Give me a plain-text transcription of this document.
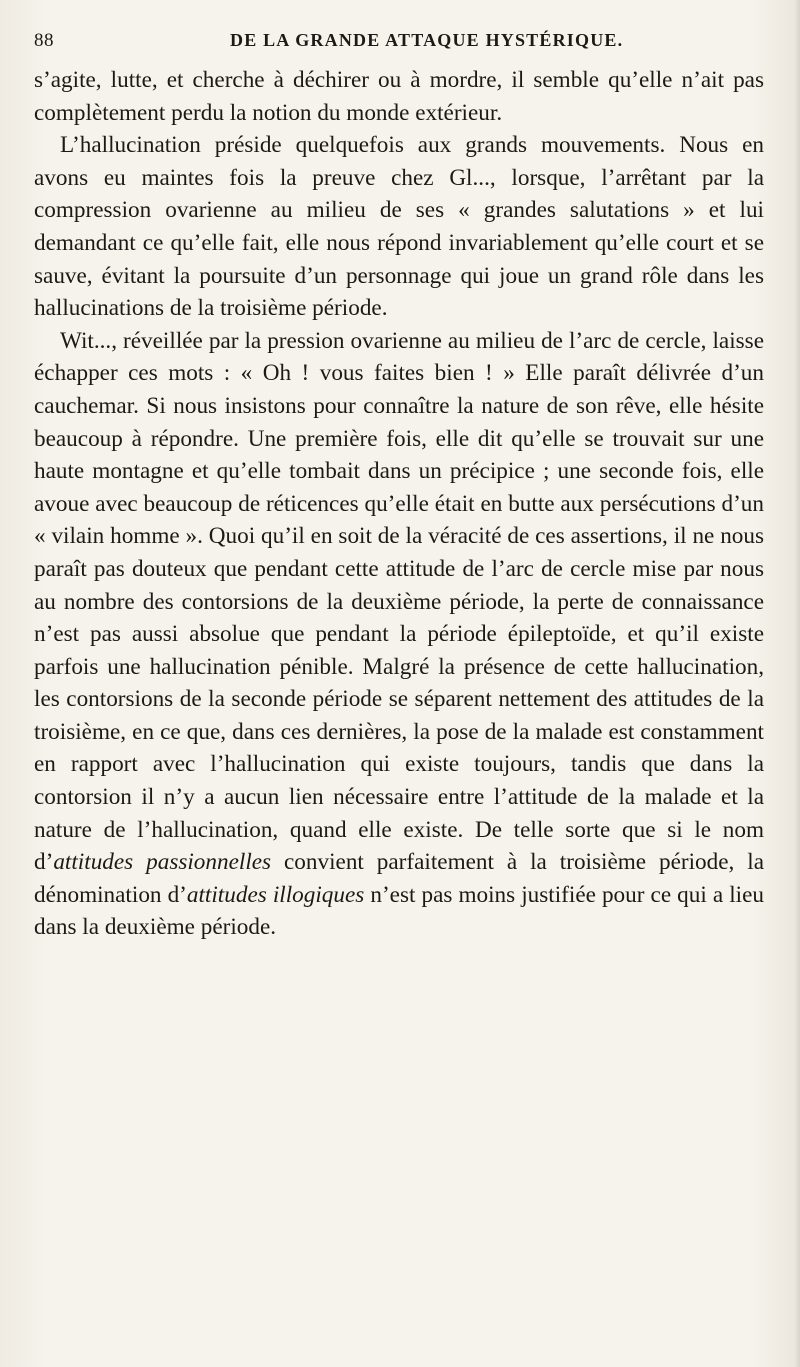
88	DE LA GRANDE ATTAQUE HYSTÉRIQUE.

s’agite, lutte, et cherche à déchirer ou à mordre, il semble qu’elle n’ait pas complètement perdu la notion du monde extérieur.

L’hallucination préside quelquefois aux grands mouvements. Nous en avons eu maintes fois la preuve chez Gl..., lorsque, l’arrêtant par la compression ovarienne au milieu de ses « grandes salutations » et lui demandant ce qu’elle fait, elle nous répond invariablement qu’elle court et se sauve, évitant la poursuite d’un personnage qui joue un grand rôle dans les hallucinations de la troisième période.

Wit..., réveillée par la pression ovarienne au milieu de l’arc de cercle, laisse échapper ces mots : « Oh ! vous faites bien ! » Elle paraît délivrée d’un cauchemar. Si nous insistons pour connaître la nature de son rêve, elle hésite beaucoup à répondre. Une première fois, elle dit qu’elle se trouvait sur une haute montagne et qu’elle tombait dans un précipice ; une seconde fois, elle avoue avec beaucoup de réticences qu’elle était en butte aux persécutions d’un « vilain homme ». Quoi qu’il en soit de la véracité de ces assertions, il ne nous paraît pas douteux que pendant cette attitude de l’arc de cercle mise par nous au nombre des contorsions de la deuxième période, la perte de connaissance n’est pas aussi absolue que pendant la période épileptoïde, et qu’il existe parfois une hallucination pénible. Malgré la présence de cette hallucination, les contorsions de la seconde période se séparent nettement des attitudes de la troisième, en ce que, dans ces dernières, la pose de la malade est constamment en rapport avec l’hallucination qui existe toujours, tandis que dans la contorsion il n’y a aucun lien nécessaire entre l’attitude de la malade et la nature de l’hallucination, quand elle existe. De telle sorte que si le nom d’attitudes passionnelles convient parfaitement à la troisième période, la dénomination d’attitudes illogiques n’est pas moins justifiée pour ce qui a lieu dans la deuxième période.
